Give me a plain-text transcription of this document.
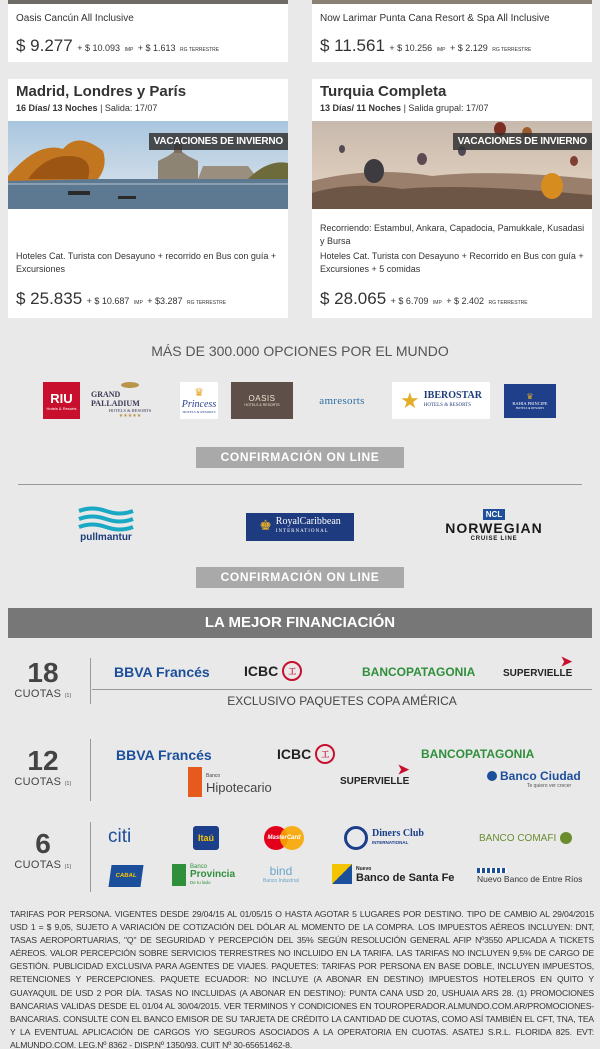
Oasis Cancún All Inclusive
$ 9.277 + $ 10.093 IMP + $ 1.613 RG TERRESTRE
Now Larimar Punta Cana Resort & Spa All Inclusive
$ 11.561 + $ 10.256 IMP + $ 2.129 RG TERRESTRE
Madrid, Londres y París
16 Días/ 13 Noches | Salida: 17/07
VACACIONES DE INVIERNO
Hoteles Cat. Turista con Desayuno + recorrido en Bus con guía + Excursiones
$ 25.835 + $ 10.687 IMP + $3.287 RG TERRESTRE
Turquia Completa
13 Días/ 11 Noches | Salida grupal: 17/07
VACACIONES DE INVIERNO
Recorriendo: Estambul, Ankara, Capadocia, Pamukkale, Kusadasi y Bursa
Hoteles Cat. Turista con Desayuno + Recorrido en Bus con guía + Excursiones + 5 comidas
$ 28.065 + $ 6.709 IMP + $ 2.402 RG TERRESTRE
MÁS DE 300.000 OPCIONES POR EL MUNDO
RIU
Hotels & Resorts
GRAND PALLADIUM
HOTELS & RESORTS
★★★★★
♛
Princess
HOTELS & RESORTS
OASIS
HOTELS & RESORTS	amresorts ★ IBEROSTAR
HOTELS & RESORTS
♛
BAHIA PRINCIPE
HOTELS & RESORTS
CONFIRMACIÓN ON LINE
pullmantur
♚ RoyalCaribbean
INTERNATIONAL
NCL
NORWEGIAN
CRUISE LINE
CONFIRMACIÓN ON LINE
LA MEJOR FINANCIACIÓN
18
CUOTAS (1)
BBVA Francés ICBC	工	BANCOPATAGONIA
➤
SUPERVIELLE
EXCLUSIVO PAQUETES COPA AMÉRICA
12
CUOTAS (1)
BBVA Francés	ICBC	工	BANCOPATAGONIA
Banco
Hipotecario
➤
SUPERVIELLE	Banco Ciudad
Te quiero ver crecer
6
CUOTAS (1)
citi	Itaú	MasterCard	Diners Club
INTERNATIONAL	BANCO COMAFI
CABAL
Banco
Provincia
De tu lado
bind
Banco Industrial
Nuevo
Banco de Santa Fe	Nuevo Banco de Entre Ríos
TARIFAS POR PERSONA. VIGENTES DESDE 29/04/15 AL 01/05/15 O HASTA AGOTAR 5 LUGARES POR DESTINO. TIPO DE CAMBIO AL 29/04/2015 USD 1 = $ 9,05, SUJETO A VARIACIÓN DE COTIZACIÓN DEL DÓLAR AL MOMENTO DE LA COMPRA. LOS IMPUESTOS AÉREOS INCLUYEN: DNT, TASAS AEROPORTUARIAS, "Q" DE SEGURIDAD Y PERCEPCIÓN DEL 35% SEGÚN RESOLUCIÓN GENERAL AFIP Nº3550 APLICADA A TICKETS AÉREOS. VALOR PERCEPCIÓN SOBRE SERVICIOS TERRESTRES NO INCLUIDO EN LA TARIFA. LAS TARIFAS NO INCLUYEN 9,5% DE CARGO DE GESTIÓN. PUBLICIDAD EXCLUSIVA PARA AGENTES DE VIAJES. PAQUETES: TARIFAS POR PERSONA EN BASE DOBLE, INCLUYEN IMPUESTOS, RETENCIONES Y PERCEPCIONES. PAQUETE ECUADOR: NO INCLUYE (A ABONAR EN DESTINO) IMPUESTOS HOTELEROS EN QUITO Y GUAYAQUIL DE USD 2 POR DÍA. TASAS NO INCLUIDAS (A ABONAR EN DESTINO): PUNTA CANA USD 20, USHUAIA ARS 28. (1) PROMOCIONES BANCARIAS VALIDAS DESDE EL 01/04 AL 30/04/2015. VER TERMINOS Y CONDICIONES EN TOUROPERADOR.ALMUNDO.COM.AR/PROMOCIONES-BANCARIAS. CONSULTE CON EL BANCO EMISOR DE SU TARJETA DE CRÉDITO LA CANTIDAD DE CUOTAS, COMO ASÍ TAMBIÉN EL CFT, TNA, TEA Y LA EVENTUAL APLICACIÓN DE CARGOS Y/O SEGUROS ASOCIADOS A LA OPERATORIA EN CUOTAS. ASATEJ S.R.L. FLORIDA 825. EVT: ALMUNDO.COM. LEG.Nº 8362 - DISP.Nº 1350/93. CUIT Nº 30-65651462-8.
